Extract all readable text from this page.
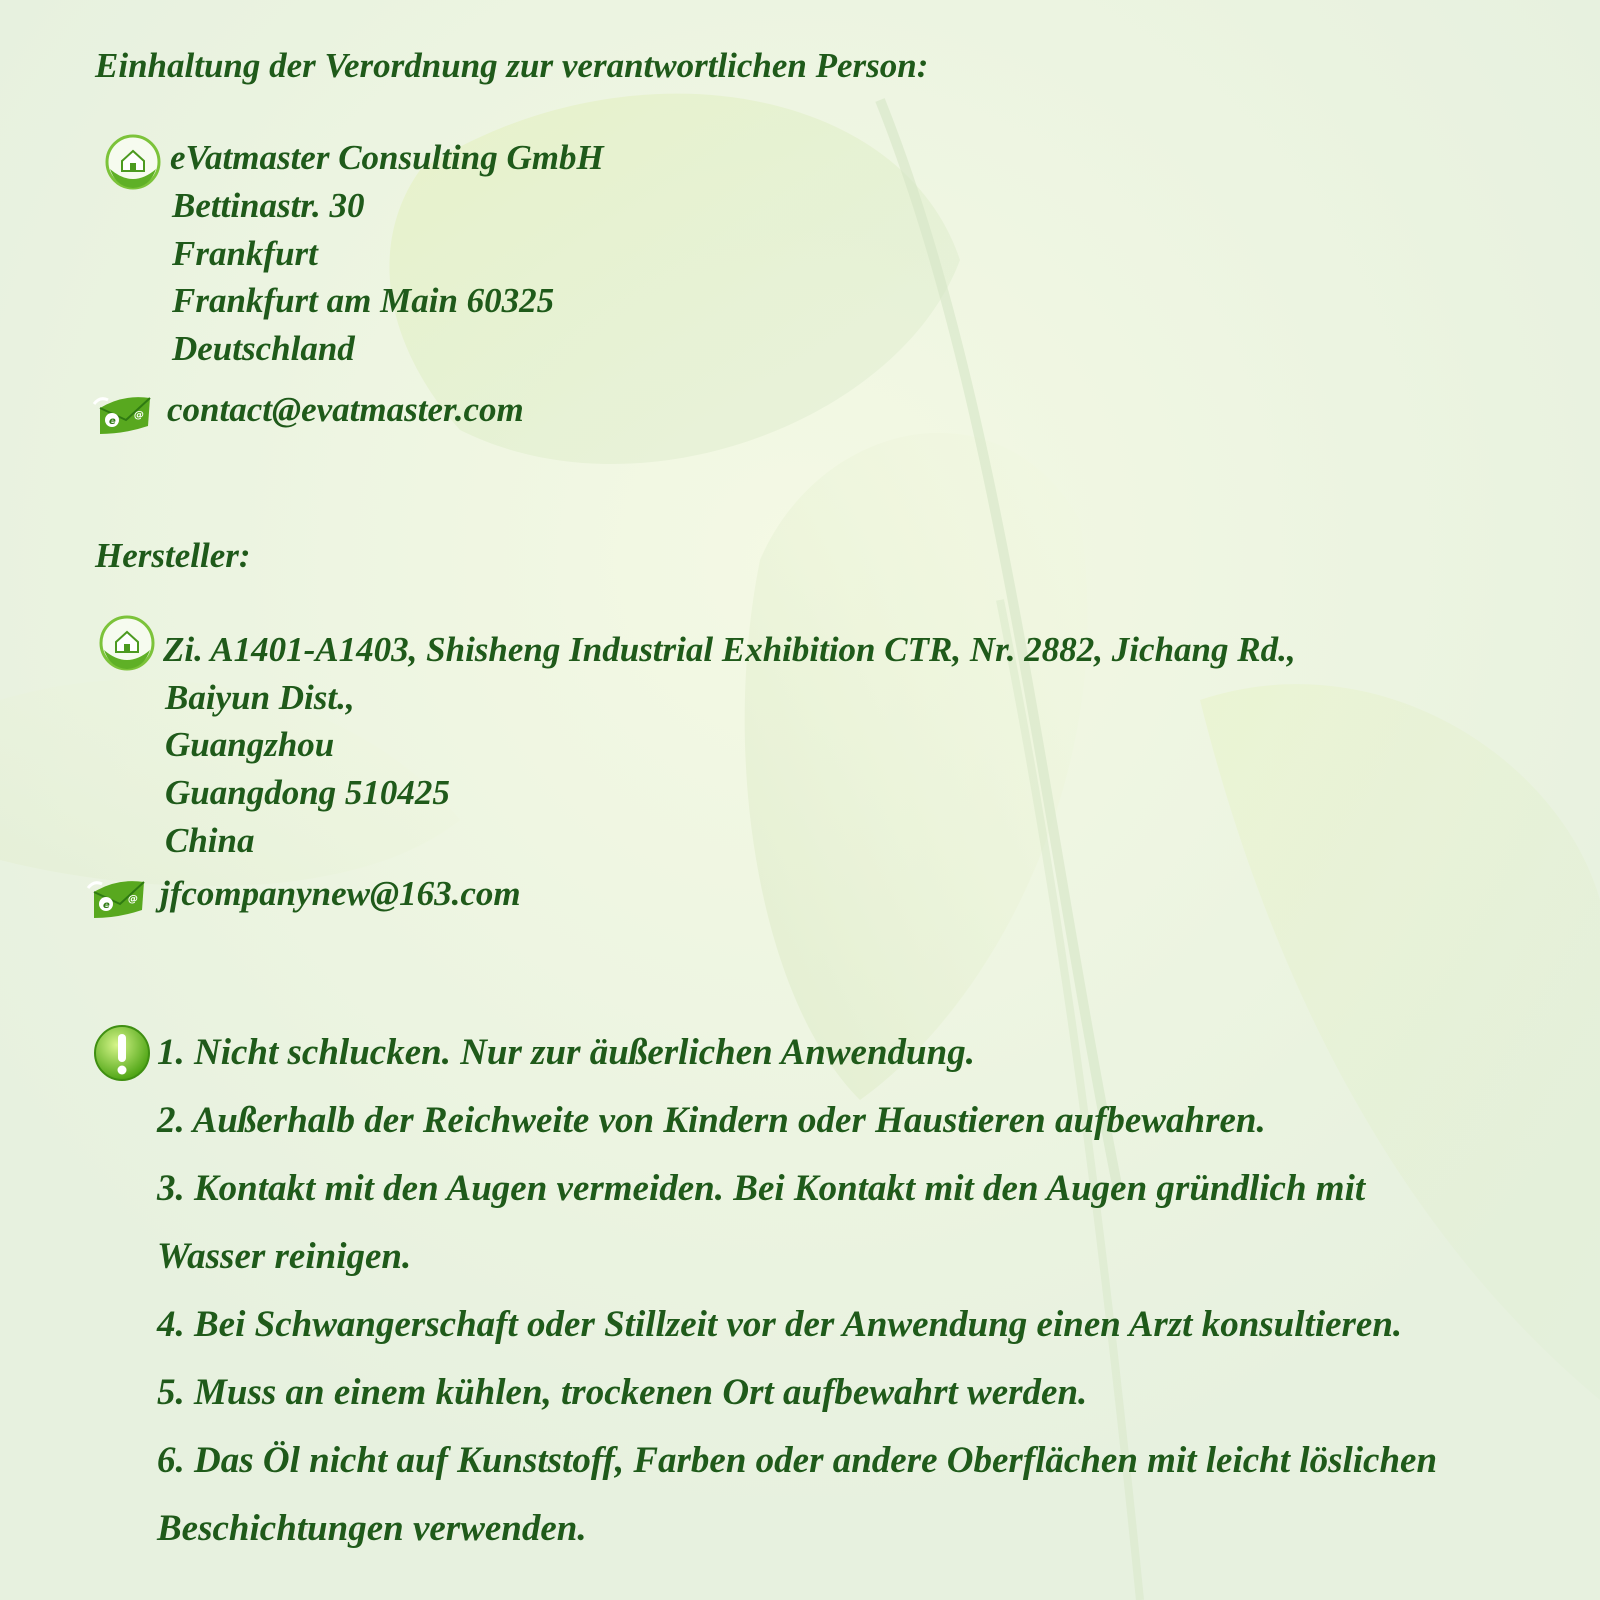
Einhaltung der Verordnung zur verantwortlichen Person:
eVatmaster Consulting GmbH
Bettinastr. 30
Frankfurt
Frankfurt am Main 60325
Deutschland
e
@ contact@evatmaster.com
Hersteller:
Zi. A1401-A1403, Shisheng Industrial Exhibition CTR, Nr. 2882, Jichang Rd.,
Baiyun Dist.,
Guangzhou
Guangdong 510425
China
e
@ jfcompanynew@163.com
1. Nicht schlucken. Nur zur äußerlichen Anwendung.
2. Außerhalb der Reichweite von Kindern oder Haustieren aufbewahren.
3. Kontakt mit den Augen vermeiden. Bei Kontakt mit den Augen gründlich mit
Wasser reinigen.
4. Bei Schwangerschaft oder Stillzeit vor der Anwendung einen Arzt konsultieren.
5. Muss an einem kühlen, trockenen Ort aufbewahrt werden.
6. Das Öl nicht auf Kunststoff, Farben oder andere Oberflächen mit leicht löslichen
Beschichtungen verwenden.
